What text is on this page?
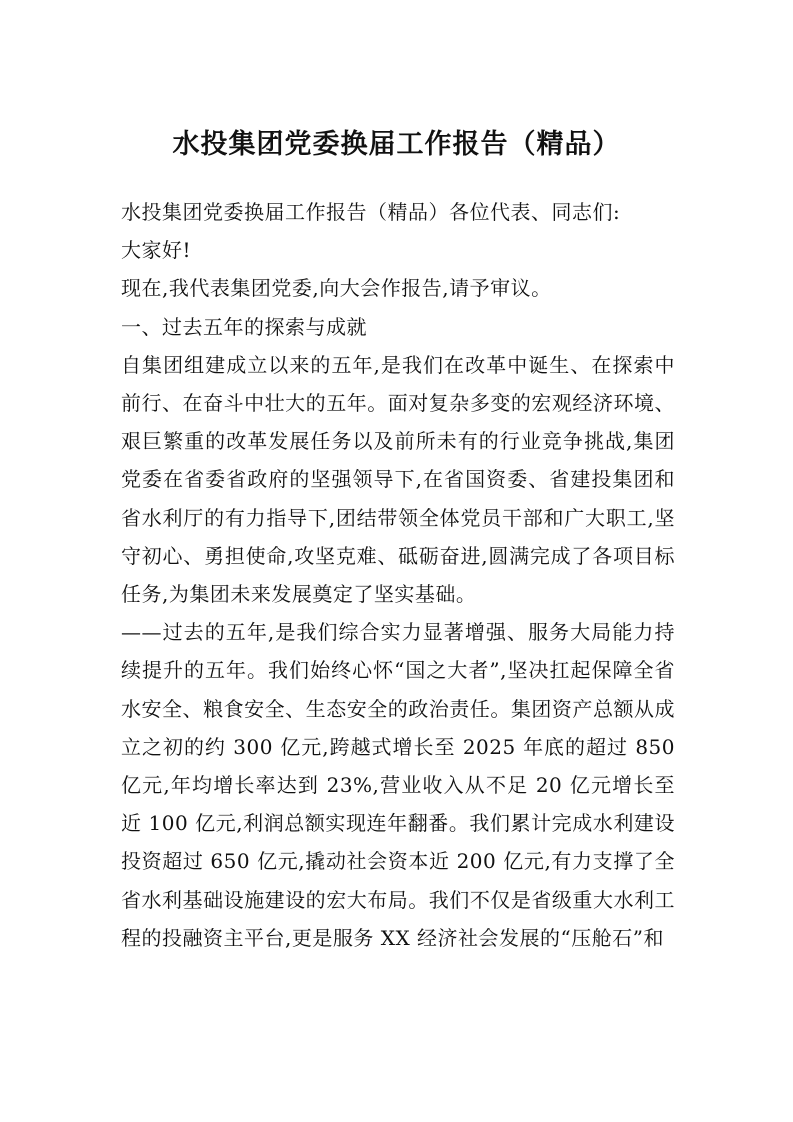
水投集团党委换届工作报告（精品）

水投集团党委换届工作报告（精品）各位代表、同志们:

大家好!

现在,我代表集团党委,向大会作报告,请予审议。

一、过去五年的探索与成就

自集团组建成立以来的五年,是我们在改革中诞生、在探索中前行、在奋斗中壮大的五年。面对复杂多变的宏观经济环境、艰巨繁重的改革发展任务以及前所未有的行业竞争挑战,集团党委在省委省政府的坚强领导下,在省国资委、省建投集团和省水利厅的有力指导下,团结带领全体党员干部和广大职工,坚守初心、勇担使命,攻坚克难、砥砺奋进,圆满完成了各项目标任务,为集团未来发展奠定了坚实基础。

——过去的五年,是我们综合实力显著增强、服务大局能力持续提升的五年。我们始终心怀“国之大者”,坚决扛起保障全省水安全、粮食安全、生态安全的政治责任。集团资产总额从成立之初的约 300 亿元,跨越式增长至 2025 年底的超过 850 亿元,年均增长率达到 23%,营业收入从不足 20 亿元增长至近 100 亿元,利润总额实现连年翻番。我们累计完成水利建设投资超过 650 亿元,撬动社会资本近 200 亿元,有力支撑了全省水利基础设施建设的宏大布局。我们不仅是省级重大水利工程的投融资主平台,更是服务 XX 经济社会发展的“压舱石”和
